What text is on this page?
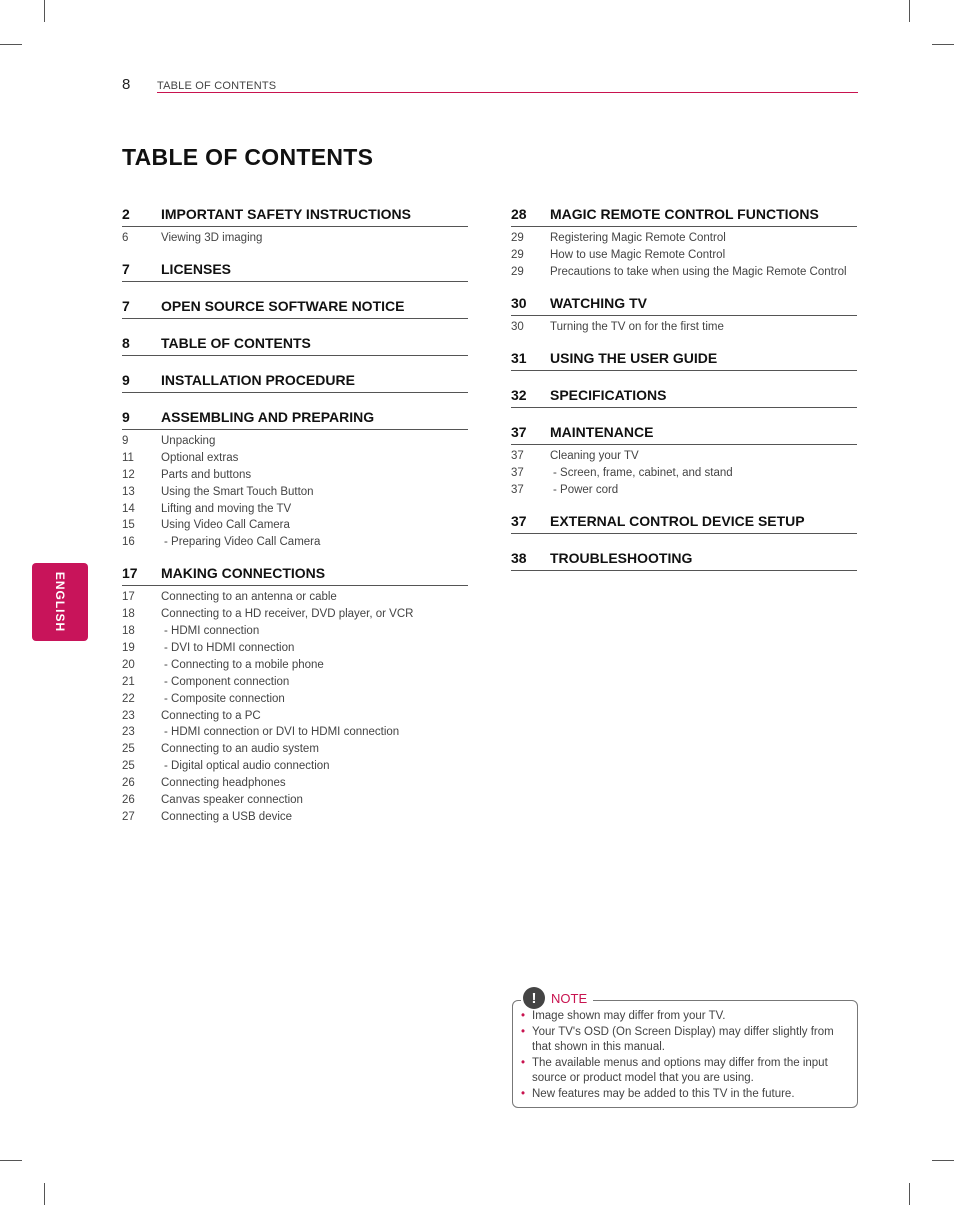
8 TABLE OF CONTENTS
TABLE OF CONTENTS
2	IMPORTANT SAFETY INSTRUCTIONS
6	Viewing 3D imaging
7	LICENSES
7	OPEN SOURCE SOFTWARE NOTICE
8	TABLE OF CONTENTS
9	INSTALLATION PROCEDURE
9	ASSEMBLING AND PREPARING
9	Unpacking
11	Optional extras
12	Parts and buttons
13	Using the Smart Touch Button
14	Lifting and moving the TV
15	Using Video Call Camera
16	- Preparing Video Call Camera
17	MAKING CONNECTIONS
17	Connecting to an antenna or cable
18	Connecting to a HD receiver, DVD player, or VCR
18	- HDMI connection
19	- DVI to HDMI connection
20	- Connecting to a mobile phone
21	- Component connection
22	- Composite connection
23	Connecting to a PC
23	- HDMI connection or DVI to HDMI connection
25	Connecting to an audio system
25	- Digital optical audio connection
26	Connecting headphones
26	Canvas speaker connection
27	Connecting a USB device
28	MAGIC REMOTE CONTROL FUNCTIONS
29	Registering Magic Remote Control
29	How to use Magic Remote Control
29	Precautions to take when using the Magic Remote Control
30	WATCHING TV
30	Turning the TV on for the first time
31	USING THE USER GUIDE
32	SPECIFICATIONS
37	MAINTENANCE
37	Cleaning your TV
37	- Screen, frame, cabinet, and stand
37	- Power cord
37	EXTERNAL CONTROL DEVICE SETUP
38	TROUBLESHOOTING
ENGLISH
!	NOTE
• Image shown may differ from your TV.
• Your TV's OSD (On Screen Display) may differ slightly from that shown in this manual.
• The available menus and options may differ from the input source or product model that you are using.
• New features may be added to this TV in the future.
